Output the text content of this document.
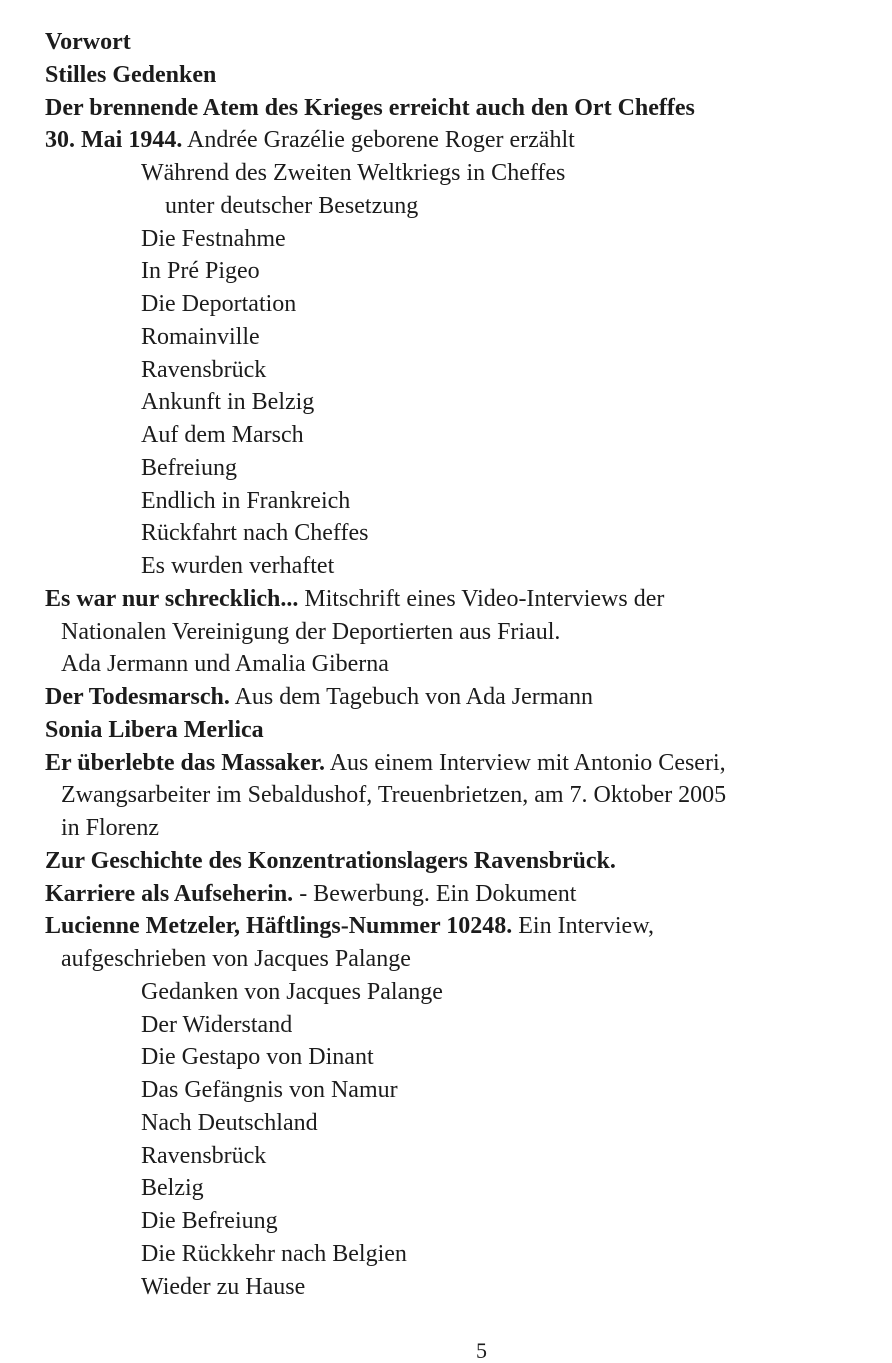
Vorwort
Stilles Gedenken
Der brennende Atem des Krieges erreicht auch den Ort Cheffes
30. Mai 1944. Andrée Grazélie geborene Roger erzählt
Während des Zweiten Weltkriegs in Cheffes
unter deutscher Besetzung
Die Festnahme
In Pré Pigeo
Die Deportation
Romainville
Ravensbrück
Ankunft in Belzig
Auf dem Marsch
Befreiung
Endlich in Frankreich
Rückfahrt nach Cheffes
Es wurden verhaftet
Es war nur schrecklich... Mitschrift eines Video-Interviews der
Nationalen Vereinigung der Deportierten aus Friaul.
Ada Jermann und Amalia Giberna
Der Todesmarsch. Aus dem Tagebuch von Ada Jermann
Sonia Libera Merlica
Er überlebte das Massaker. Aus einem Interview mit Antonio Ceseri,
Zwangsarbeiter im Sebaldushof, Treuenbrietzen, am 7. Oktober 2005
in Florenz
Zur Geschichte des Konzentrationslagers Ravensbrück.
Karriere als Aufseherin. - Bewerbung. Ein Dokument
Lucienne Metzeler, Häftlings-Nummer 10248. Ein Interview,
aufgeschrieben von Jacques Palange
Gedanken von Jacques Palange
Der Widerstand
Die Gestapo von Dinant
Das Gefängnis von Namur
Nach Deutschland
Ravensbrück
Belzig
Die Befreiung
Die Rückkehr nach Belgien
Wieder zu Hause
5
